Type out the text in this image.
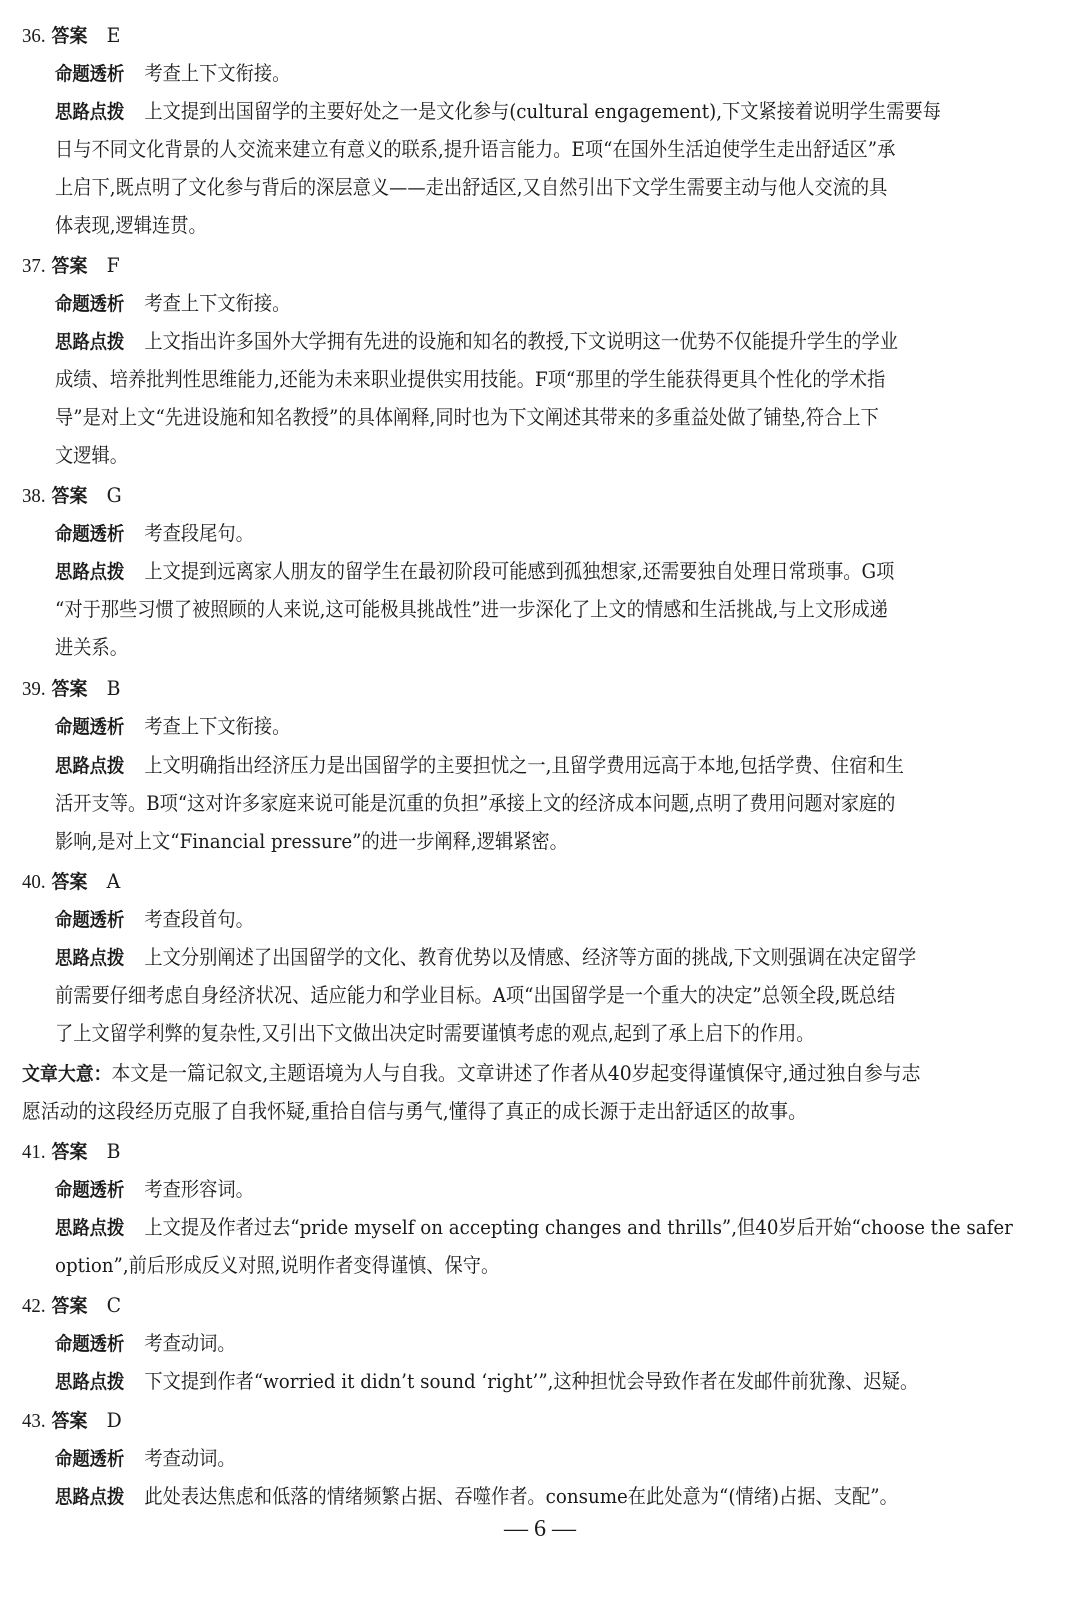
36. 答案 E
命题透析 考查上下文衔接。
思路点拨 上文提到出国留学的主要好处之一是文化参与(cultural engagement),下文紧接着说明学生需要每
日与不同文化背景的人交流来建立有意义的联系,提升语言能力。E项“在国外生活迫使学生走出舒适区”承
上启下,既点明了文化参与背后的深层意义——走出舒适区,又自然引出下文学生需要主动与他人交流的具
体表现,逻辑连贯。
37. 答案 F
命题透析 考查上下文衔接。
思路点拨 上文指出许多国外大学拥有先进的设施和知名的教授,下文说明这一优势不仅能提升学生的学业
成绩、培养批判性思维能力,还能为未来职业提供实用技能。F项“那里的学生能获得更具个性化的学术指
导”是对上文“先进设施和知名教授”的具体阐释,同时也为下文阐述其带来的多重益处做了铺垫,符合上下
文逻辑。
38. 答案 G
命题透析 考查段尾句。
思路点拨 上文提到远离家人朋友的留学生在最初阶段可能感到孤独想家,还需要独自处理日常琐事。G项
“对于那些习惯了被照顾的人来说,这可能极具挑战性”进一步深化了上文的情感和生活挑战,与上文形成递
进关系。
39. 答案 B
命题透析 考查上下文衔接。
思路点拨 上文明确指出经济压力是出国留学的主要担忧之一,且留学费用远高于本地,包括学费、住宿和生
活开支等。B项“这对许多家庭来说可能是沉重的负担”承接上文的经济成本问题,点明了费用问题对家庭的
影响,是对上文“Financial pressure”的进一步阐释,逻辑紧密。
40. 答案 A
命题透析 考查段首句。
思路点拨 上文分别阐述了出国留学的文化、教育优势以及情感、经济等方面的挑战,下文则强调在决定留学
前需要仔细考虑自身经济状况、适应能力和学业目标。A项“出国留学是一个重大的决定”总领全段,既总结
了上文留学利弊的复杂性,又引出下文做出决定时需要谨慎考虑的观点,起到了承上启下的作用。
文章大意：本文是一篇记叙文,主题语境为人与自我。文章讲述了作者从40岁起变得谨慎保守,通过独自参与志
愿活动的这段经历克服了自我怀疑,重拾自信与勇气,懂得了真正的成长源于走出舒适区的故事。
41. 答案 B
命题透析 考查形容词。
思路点拨 上文提及作者过去“pride myself on accepting changes and thrills”,但40岁后开始“choose the safer
option”,前后形成反义对照,说明作者变得谨慎、保守。
42. 答案 C
命题透析 考查动词。
思路点拨 下文提到作者“worried it didn’t sound ‘right’”,这种担忧会导致作者在发邮件前犹豫、迟疑。
43. 答案 D
命题透析 考查动词。
思路点拨 此处表达焦虑和低落的情绪频繁占据、吞噬作者。consume在此处意为“(情绪)占据、支配”。
— 6 —
